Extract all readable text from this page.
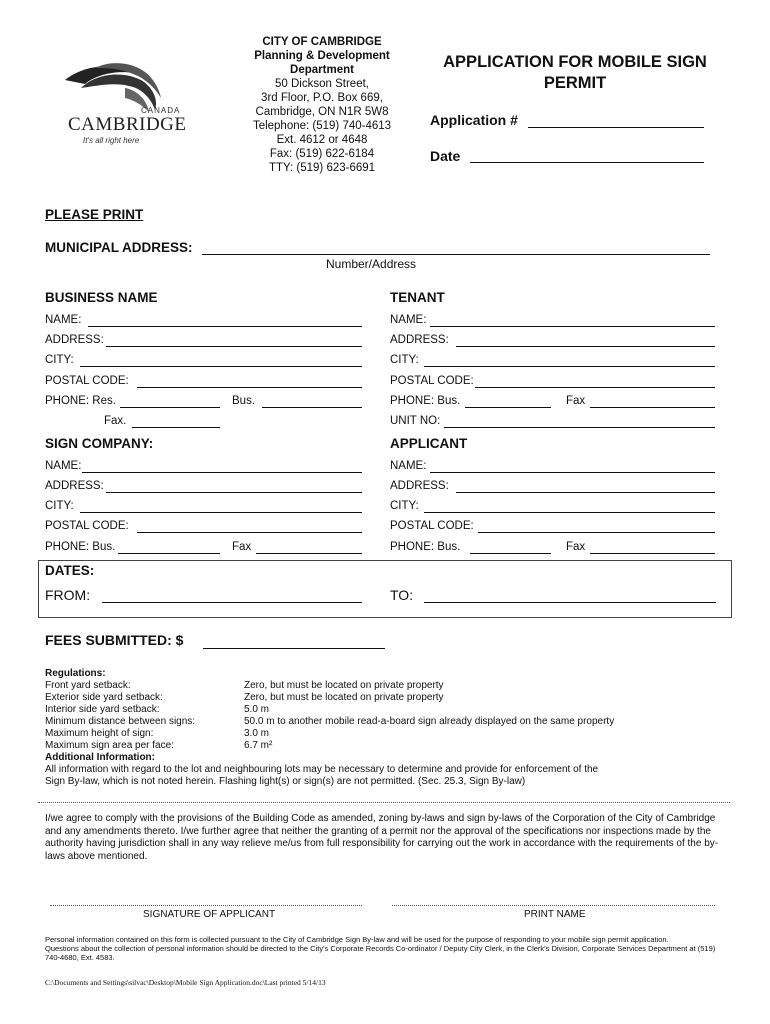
CANADA
CAMBRIDGE
It's all right here
CITY OF CAMBRIDGE
Planning & Development
Department
50 Dickson Street,
3rd Floor, P.O. Box 669,
Cambridge, ON N1R 5W8
Telephone: (519) 740-4613
Ext. 4612 or 4648
Fax: (519) 622-6184
TTY: (519) 623-6691
APPLICATION FOR MOBILE SIGN
PERMIT
Application #
Date
PLEASE PRINT
MUNICIPAL ADDRESS:
Number/Address
BUSINESS NAME
NAME:
ADDRESS:
CITY:
POSTAL CODE:
PHONE: Res.	Bus.
Fax.
TENANT
NAME:
ADDRESS:
CITY:
POSTAL CODE:
PHONE: Bus.	Fax
UNIT NO:
SIGN COMPANY:
NAME:
ADDRESS:
CITY:
POSTAL CODE:
PHONE: Bus.	Fax
APPLICANT
NAME:
ADDRESS:
CITY:
POSTAL CODE:
PHONE: Bus.	Fax
DATES:
FROM:	TO:
FEES SUBMITTED: $
Regulations:
Front yard setback:	Zero, but must be located on private property
Exterior side yard setback:	Zero, but must be located on private property
Interior side yard setback:	5.0 m
Minimum distance between signs:	50.0 m to another mobile read-a-board sign already displayed on the same property
Maximum height of sign:	3.0 m
Maximum sign area per face:	6.7 m²
Additional Information:
All information with regard to the lot and neighbouring lots may be necessary to determine and provide for enforcement of the
Sign By-law, which is not noted herein. Flashing light(s) or sign(s) are not permitted. (Sec. 25.3, Sign By-law)
I/we agree to comply with the provisions of the Building Code as amended, zoning by-laws and sign by-laws of the Corporation of the City of Cambridge
and any amendments thereto. I/we further agree that neither the granting of a permit nor the approval of the specifications nor inspections made by the
authority having jurisdiction shall in any way relieve me/us from full responsibility for carrying out the work in accordance with the requirements of the by-
laws above mentioned.
SIGNATURE OF APPLICANT	PRINT NAME
Personal information contained on this form is collected pursuant to the City of Cambridge Sign By-law and will be used for the purpose of responding to your mobile sign permit application.
Questions about the collection of personal information should be directed to the City's Corporate Records Co-ordinator / Deputy City Clerk, in the Clerk's Division, Corporate Services Department at (519)
740-4680, Ext. 4583.
C:\Documents and Settings\silvac\Desktop\Mobile Sign Application.doc\Last printed 5/14/13
